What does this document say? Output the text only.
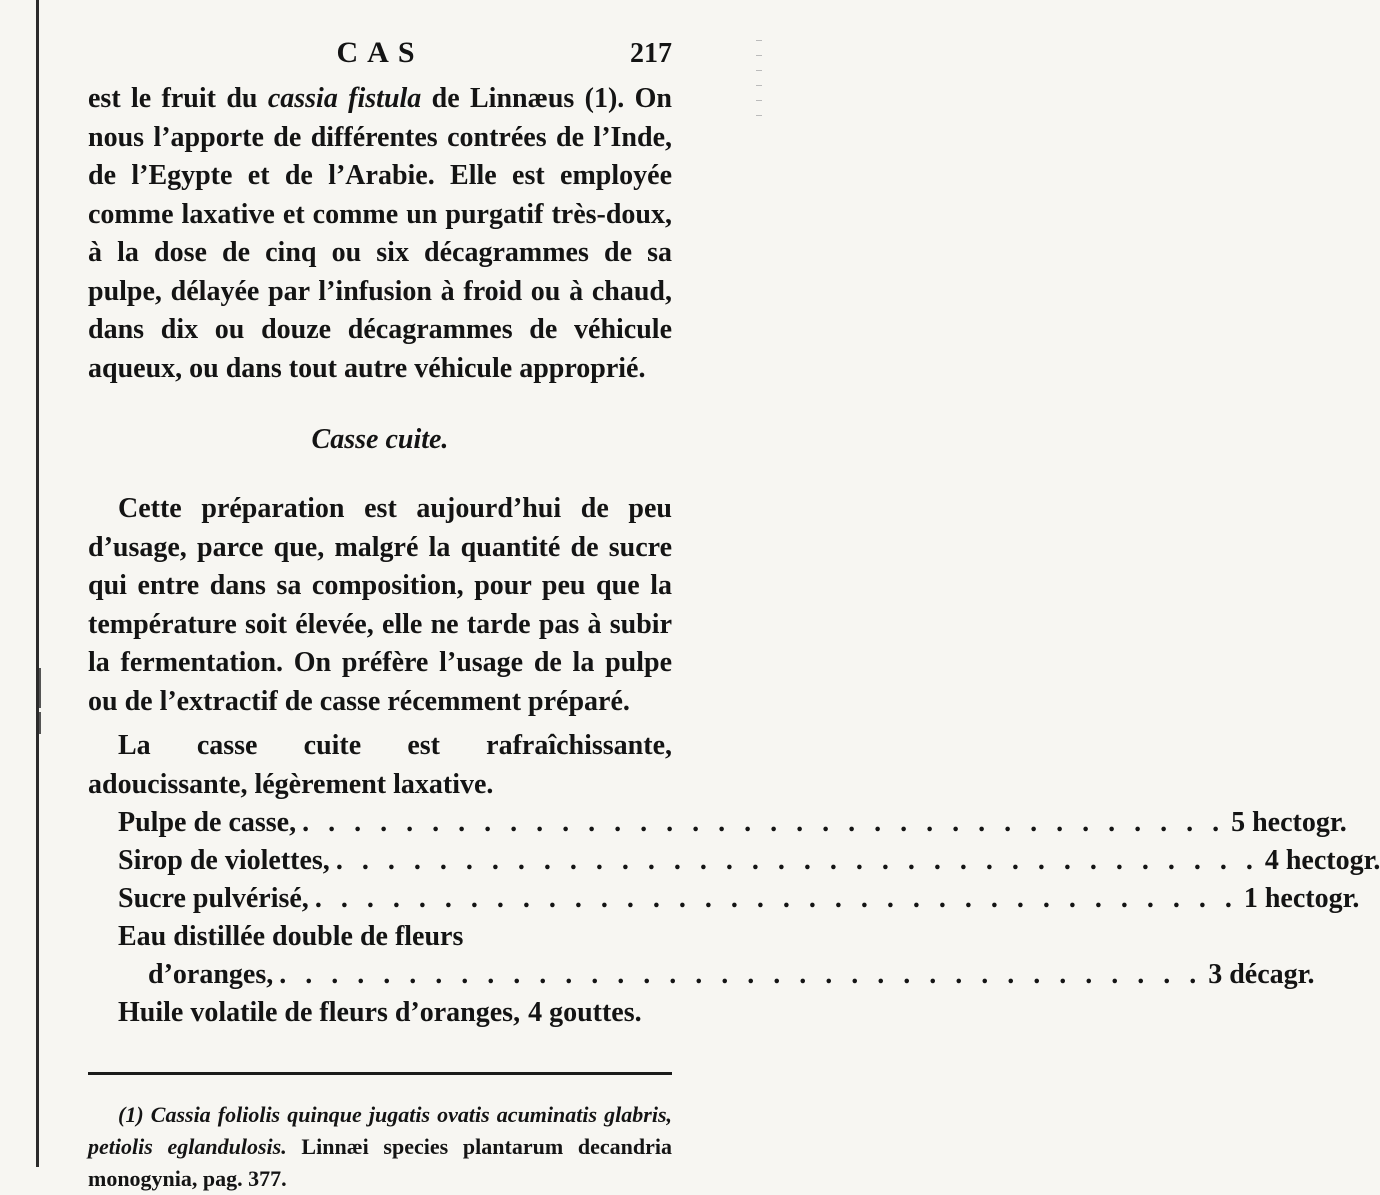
CAS	217

est le fruit du cassia fistula de Linnæus (1). On nous l’apporte de différentes contrées de l’Inde, de l’Egypte et de l’Arabie. Elle est employée comme laxative et comme un purgatif très-doux, à la dose de cinq ou six décagrammes de sa pulpe, délayée par l’infusion à froid ou à chaud, dans dix ou douze décagrammes de véhicule aqueux, ou dans tout autre véhicule approprié.

Casse cuite.

Cette préparation est aujourd’hui de peu d’usage, parce que, malgré la quantité de sucre qui entre dans sa composition, pour peu que la température soit élevée, elle ne tarde pas à subir la fermentation. On préfère l’usage de la pulpe ou de l’extractif de casse récemment préparé.

La casse cuite est rafraîchissante, adoucissante, légèrement laxative.

Pulpe de casse, . . . . . . . . . . . . . . . . . . . . . . . . . . . . . . . . . . . . 5 hectogr.
Sirop de violettes, . . . . . . . . . . . . . . . . . . . . . . . . . . . . . . . . . . . . 4 hectogr.
Sucre pulvérisé, . . . . . . . . . . . . . . . . . . . . . . . . . . . . . . . . . . . . 1 hectogr.
Eau distillée double de fleurs
d’oranges, . . . . . . . . . . . . . . . . . . . . . . . . . . . . . . . . . . . . 3 décagr.
Huile volatile de fleurs d’oranges, 4 gouttes.
(1) Cassia foliolis quinque jugatis ovatis acuminatis glabris, petiolis eglandulosis. Linnæi species plantarum decandria monogynia, pag. 377.
